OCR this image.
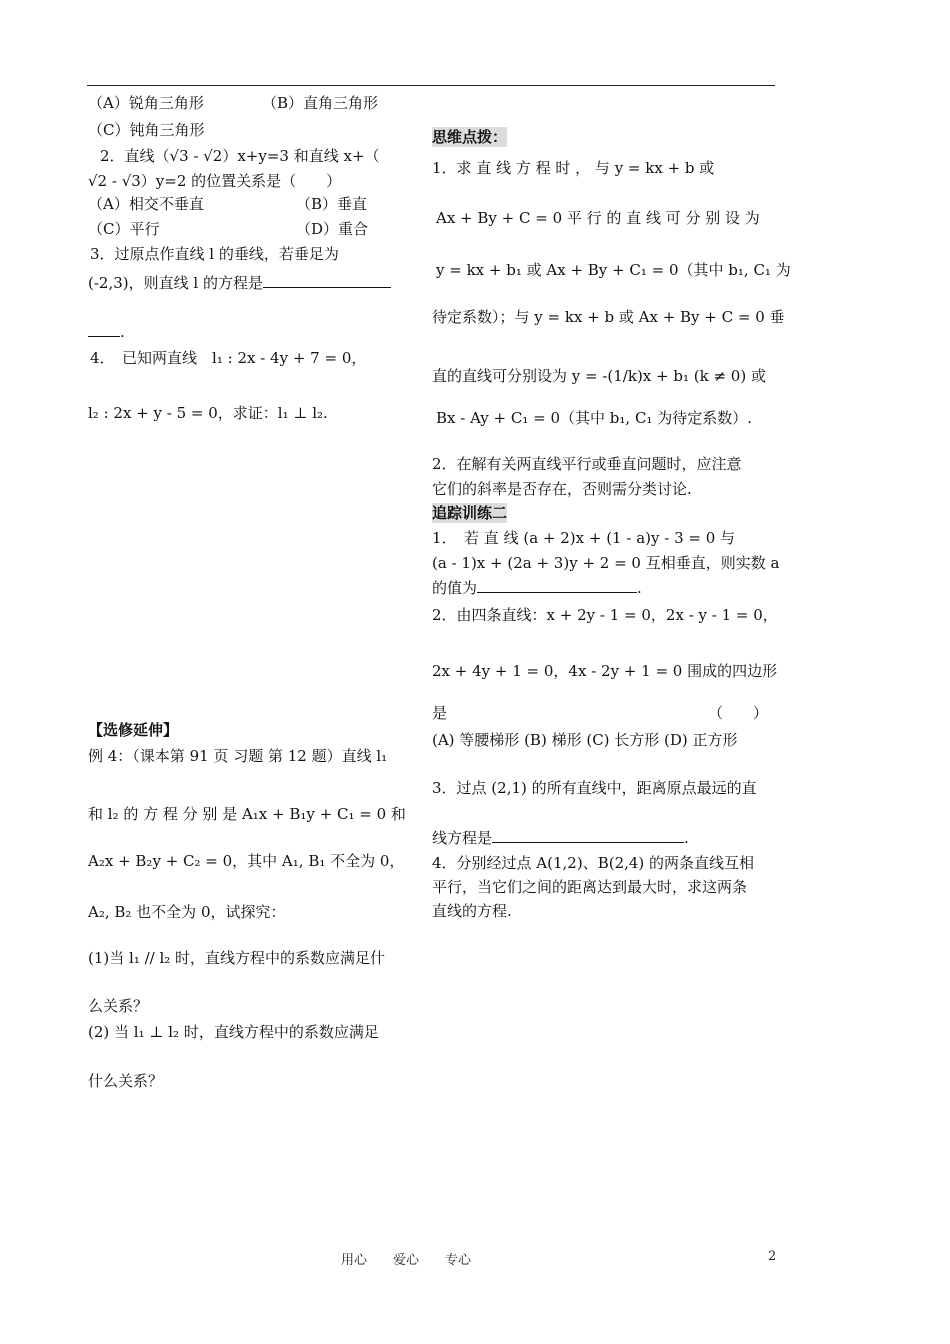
（A）锐角三角形	（B）直角三角形
（C）钝角三角形
2．直线（√3 - √2）x+y=3 和直线 x+（
√2 - √3）y=2 的位置关系是（　　）
（A）相交不垂直	（B）垂直
（C）平行	（D）重合
3．过原点作直线 l 的垂线，若垂足为
(-2,3)，则直线 l 的方程是
.
4．　已知两直线　l₁ : 2x - 4y + 7 = 0，
l₂ : 2x + y - 5 = 0，求证：l₁ ⊥ l₂.
【选修延伸】
例 4：（课本第 91 页 习题 第 12 题）直线 l₁
和 l₂ 的 方 程 分 别 是 A₁x + B₁y + C₁ = 0 和
A₂x + B₂y + C₂ = 0，其中 A₁, B₁ 不全为 0，
A₂, B₂ 也不全为 0，试探究：
(1)当 l₁ // l₂ 时，直线方程中的系数应满足什
么关系？
(2) 当 l₁ ⊥ l₂ 时，直线方程中的系数应满足
什么关系？
思维点拨：
1．求 直 线 方 程 时 ， 与 y = kx + b 或
Ax + By + C = 0 平 行 的 直 线 可 分 别 设 为
y = kx + b₁ 或 Ax + By + C₁ = 0（其中 b₁, C₁ 为
待定系数）；与 y = kx + b 或 Ax + By + C = 0 垂
直的直线可分别设为 y = -(1/k)x + b₁ (k ≠ 0) 或
Bx - Ay + C₁ = 0（其中 b₁, C₁ 为待定系数）.
2．在解有关两直线平行或垂直问题时，应注意
它们的斜率是否存在，否则需分类讨论.
追踪训练二
1．　若 直 线 (a + 2)x + (1 - a)y - 3 = 0 与
(a - 1)x + (2a + 3)y + 2 = 0 互相垂直，则实数 a
的值为	.
2．由四条直线：x + 2y - 1 = 0，2x - y - 1 = 0，
2x + 4y + 1 = 0，4x - 2y + 1 = 0 围成的四边形
是	（　　）
(A) 等腰梯形 (B) 梯形 (C) 长方形 (D) 正方形
3．过点 (2,1) 的所有直线中，距离原点最远的直
线方程是	.
4．分别经过点 A(1,2)、B(2,4) 的两条直线互相
平行，当它们之间的距离达到最大时，求这两条
直线的方程.
用心　　爱心　　专心	2
